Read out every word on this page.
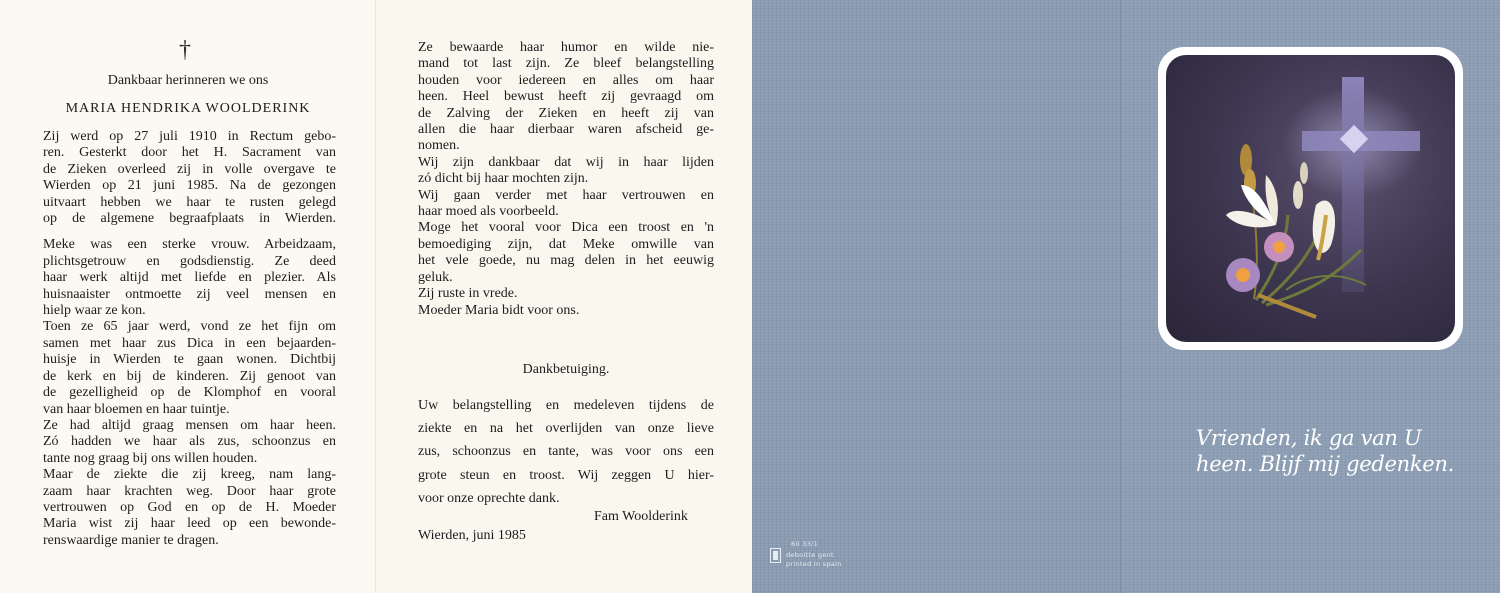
†
Dankbaar herinneren we ons
MARIA HENDRIKA WOOLDERINK

Zij werd op 27 juli 1910 in Rectum gebo-
ren. Gesterkt door het H. Sacrament van
de Zieken overleed zij in volle overgave te
Wierden op 21 juni 1985. Na de gezongen
uitvaart hebben we haar te rusten gelegd
op de algemene begraafplaats in Wierden.

Meke was een sterke vrouw. Arbeidzaam,
plichtsgetrouw en godsdienstig. Ze deed
haar werk altijd met liefde en plezier. Als
huisnaaister ontmoette zij veel mensen en
hielp waar ze kon.
Toen ze 65 jaar werd, vond ze het fijn om
samen met haar zus Dica in een bejaarden-
huisje in Wierden te gaan wonen. Dichtbij
de kerk en bij de kinderen. Zij genoot van
de gezelligheid op de Klomphof en vooral
van haar bloemen en haar tuintje.
Ze had altijd graag mensen om haar heen.
Zó hadden we haar als zus, schoonzus en
tante nog graag bij ons willen houden.
Maar de ziekte die zij kreeg, nam lang-
zaam haar krachten weg. Door haar grote
vertrouwen op God en op de H. Moeder
Maria wist zij haar leed op een bewonde-
renswaardige manier te dragen.

Ze bewaarde haar humor en wilde nie-
mand tot last zijn. Ze bleef belangstelling
houden voor iedereen en alles om haar
heen. Heel bewust heeft zij gevraagd om
de Zalving der Zieken en heeft zij van
allen die haar dierbaar waren afscheid ge-
nomen.
Wij zijn dankbaar dat wij in haar lijden
zó dicht bij haar mochten zijn.
Wij gaan verder met haar vertrouwen en
haar moed als voorbeeld.
Moge het vooral voor Dica een troost en 'n
bemoediging zijn, dat Meke omwille van
het vele goede, nu mag delen in het eeuwig
geluk.
Zij ruste in vrede.
Moeder Maria bidt voor ons.
Dankbetuiging.
Uw belangstelling en medeleven tijdens de
ziekte en na het overlijden van onze lieve
zus, schoonzus en tante, was voor ons een
grote steun en troost. Wij zeggen U hier-
voor onze oprechte dank.
Fam Woolderink
Wierden, juni 1985
60 33/1
deboitte gent
printed in spain
Vrienden, ik ga van U
heen. Blijf mij gedenken.
